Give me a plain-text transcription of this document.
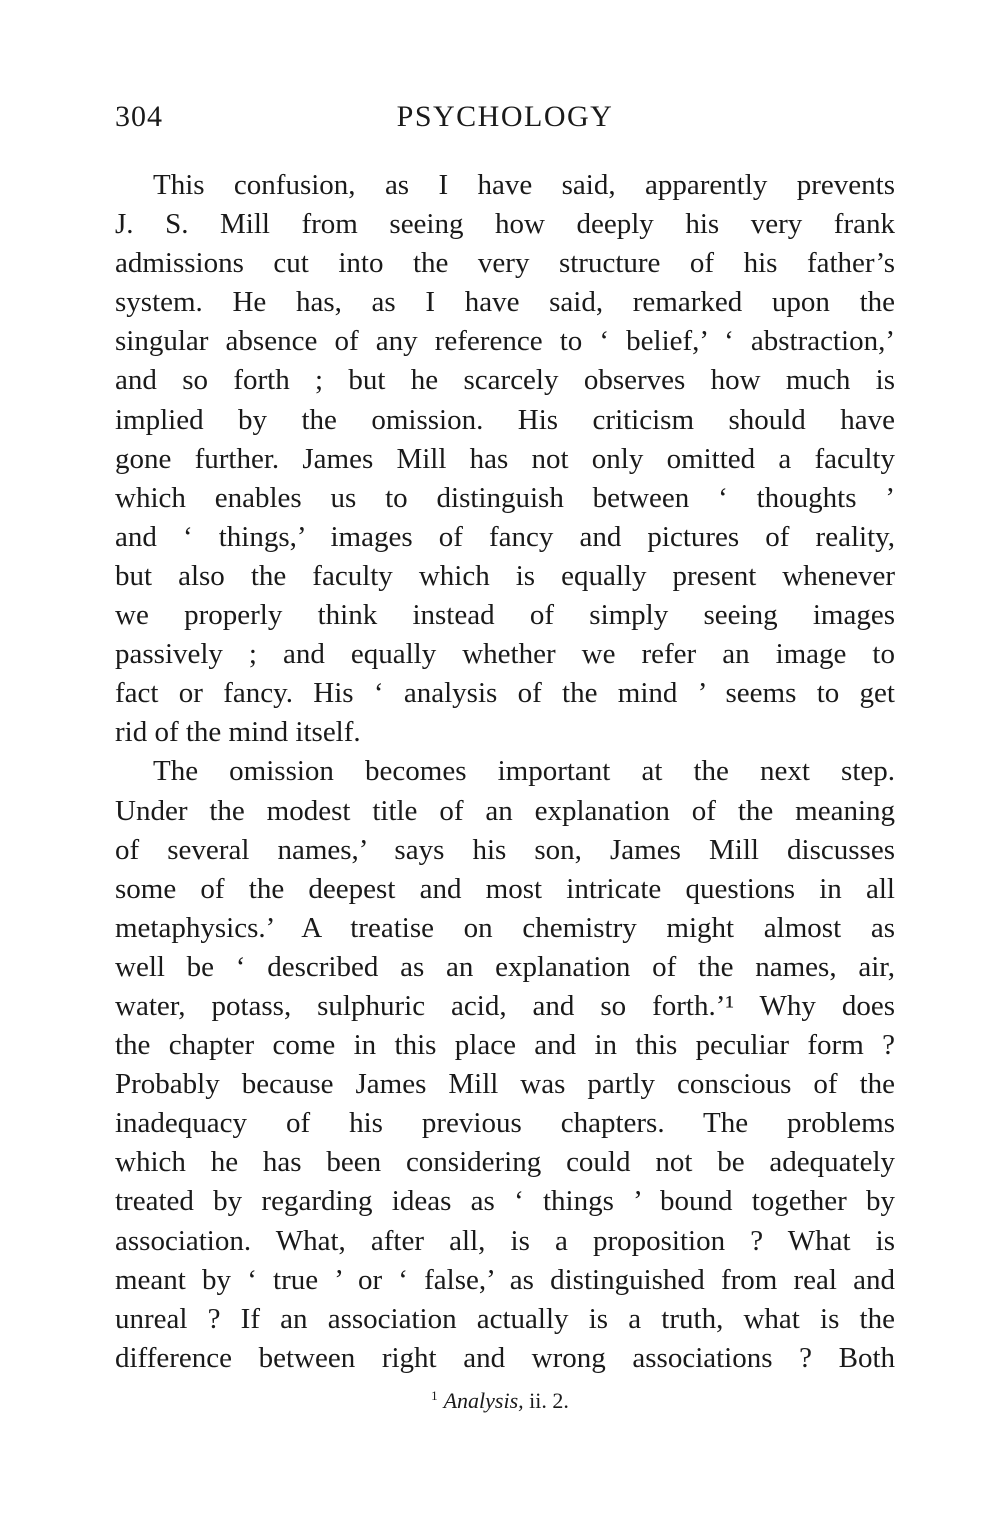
304	PSYCHOLOGY
This confusion, as I have said, apparently prevents
J. S. Mill from seeing how deeply his very frank
admissions cut into the very structure of his father’s
system. He has, as I have said, remarked upon the
singular absence of any reference to ‘ belief,’ ‘ abstraction,’
and so forth ; but he scarcely observes how much is
implied by the omission. His criticism should have
gone further. James Mill has not only omitted a faculty
which enables us to distinguish between ‘ thoughts ’
and ‘ things,’ images of fancy and pictures of reality,
but also the faculty which is equally present whenever
we properly think instead of simply seeing images
passively ; and equally whether we refer an image to
fact or fancy. His ‘ analysis of the mind ’ seems to get
rid of the mind itself.
The omission becomes important at the next step.
Under the modest title of an explanation of the meaning
of several names,’ says his son, James Mill discusses
some of the deepest and most intricate questions in all
metaphysics.’ A treatise on chemistry might almost as
well be ‘ described as an explanation of the names, air,
water, potass, sulphuric acid, and so forth.’¹ Why does
the chapter come in this place and in this peculiar form ?
Probably because James Mill was partly conscious of the
inadequacy of his previous chapters. The problems
which he has been considering could not be adequately
treated by regarding ideas as ‘ things ’ bound together by
association. What, after all, is a proposition ? What is
meant by ‘ true ’ or ‘ false,’ as distinguished from real and
unreal ? If an association actually is a truth, what is the
difference between right and wrong associations ? Both
$^1$ Analysis, ii. 2.
